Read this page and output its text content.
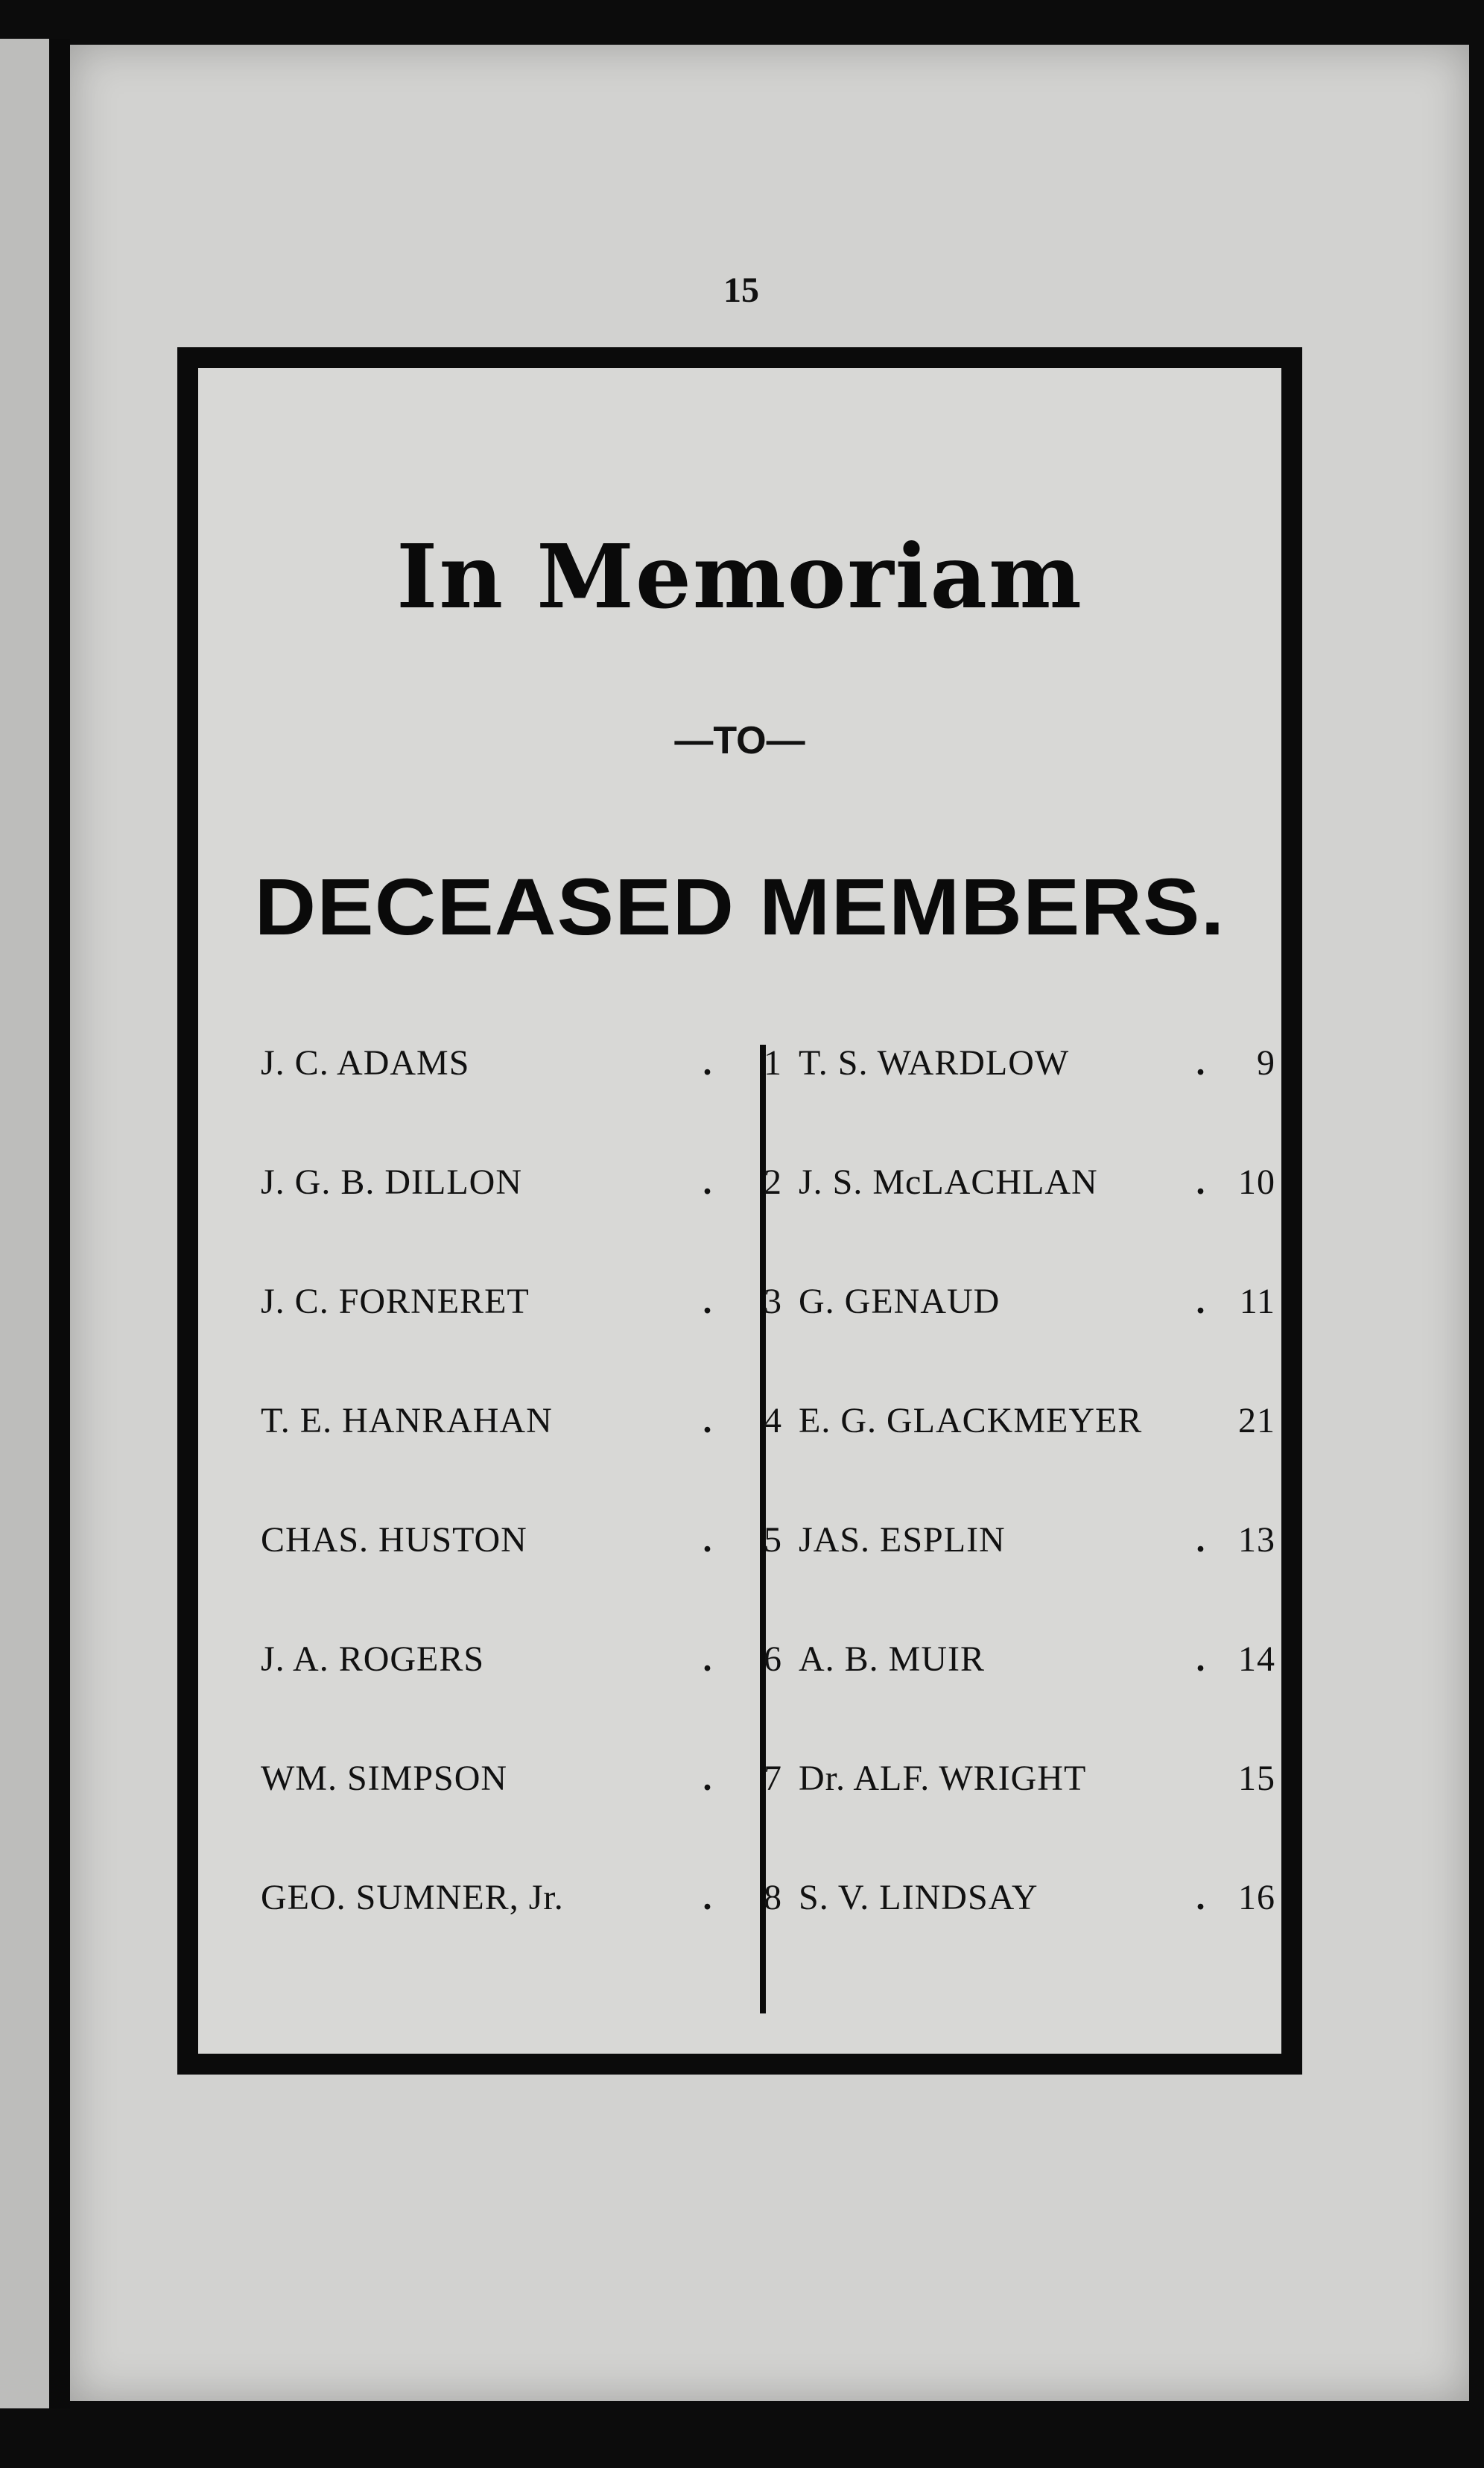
15
In Memoriam
—TO—
DECEASED MEMBERS.
J. C. ADAMS	.	1
J. G. B. DILLON	.	2
J. C. FORNERET	.	3
T. E. HANRAHAN	.	4
CHAS. HUSTON	.	5
J. A. ROGERS	.	6
WM. SIMPSON	.	7
GEO. SUMNER, Jr.	.	8
T. S. WARDLOW	.	9
J. S. McLACHLAN	. 10
G. GENAUD	. 11
E. G. GLACKMEYER	21
JAS. ESPLIN	. 13
A. B. MUIR	. 14
Dr. ALF. WRIGHT	15
S. V. LINDSAY	. 16
